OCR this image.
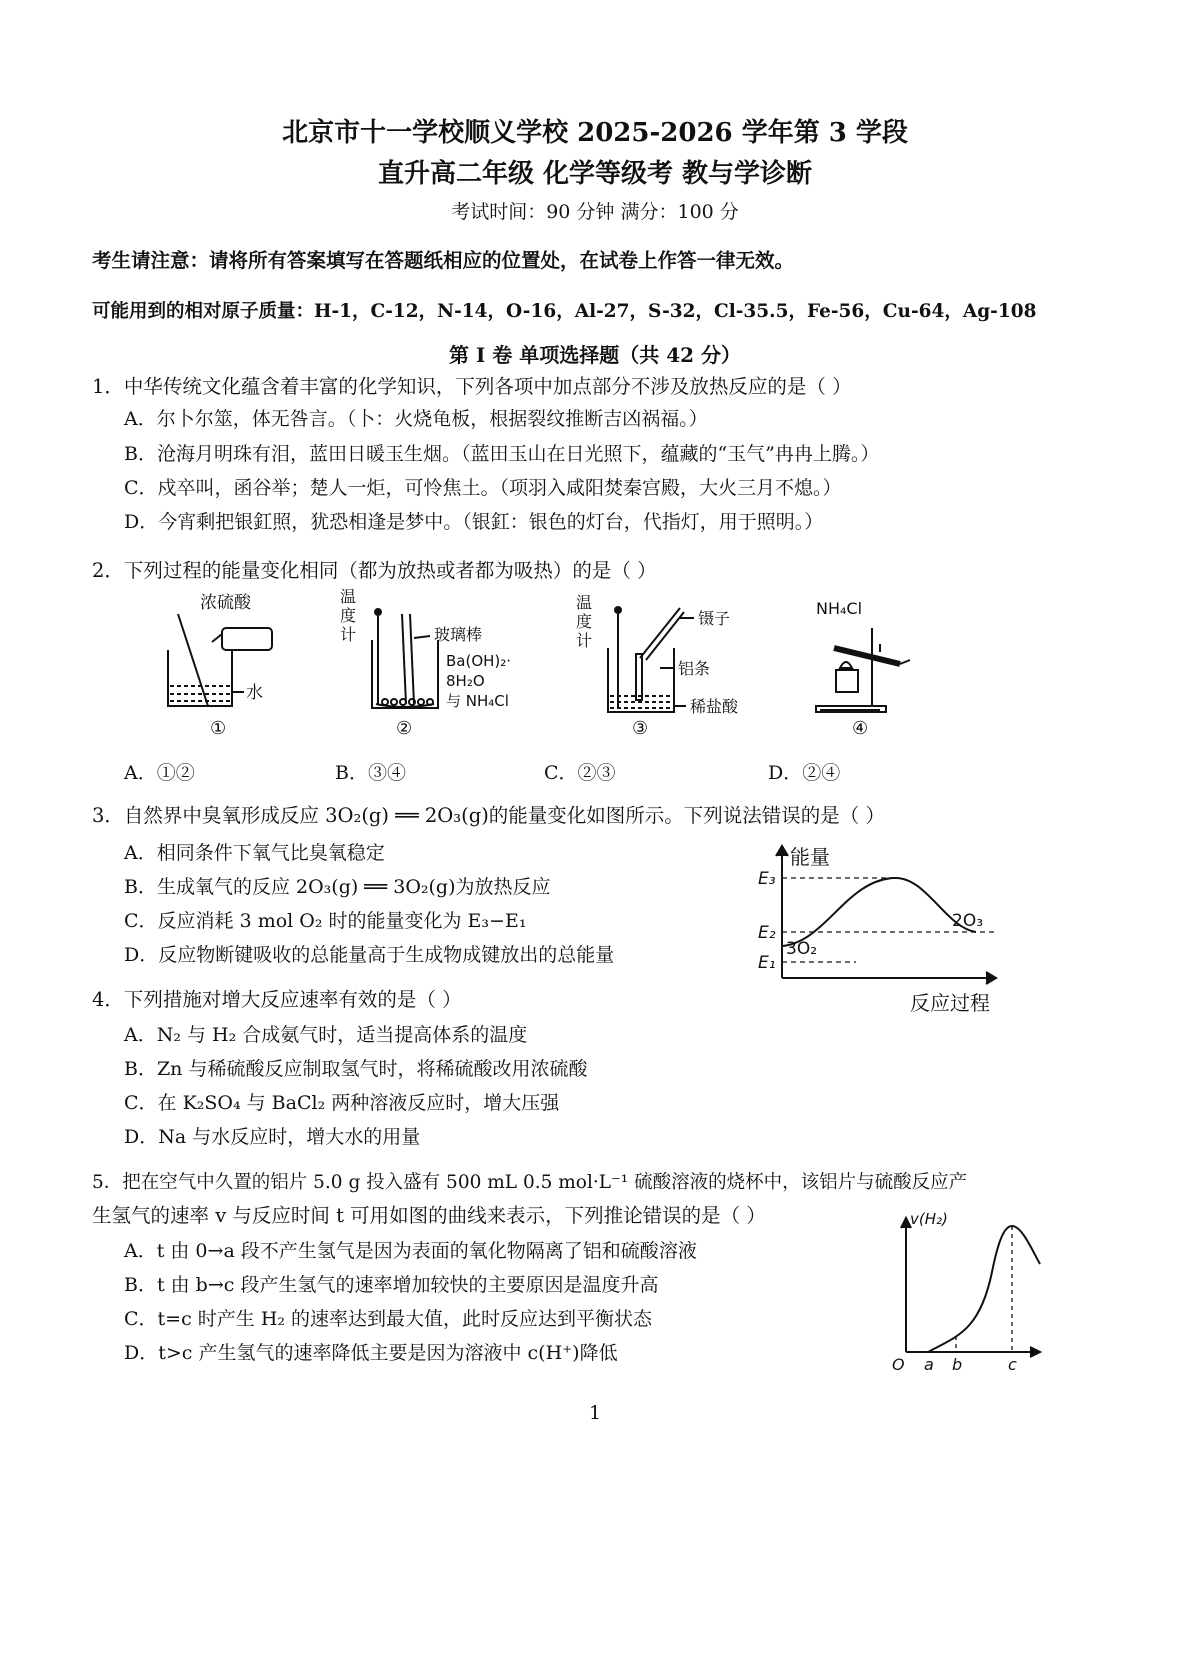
北京市十一学校顺义学校 2025-2026 学年第 3 学段
直升高二年级 化学等级考 教与学诊断
考试时间：90 分钟 满分：100 分
考生请注意：请将所有答案填写在答题纸相应的位置处，在试卷上作答一律无效。
可能用到的相对原子质量：H-1，C-12，N-14，O-16，Al-27，S-32，Cl-35.5，Fe-56，Cu-64，Ag-108
第 I 卷 单项选择题（共 42 分）
1．中华传统文化蕴含着丰富的化学知识，下列各项中加点部分不涉及放热反应的是（ ）
A．尔卜尔筮，体无咎言。（卜：火烧龟板，根据裂纹推断吉凶祸福。）
B．沧海月明珠有泪，蓝田日暖玉生烟。（蓝田玉山在日光照下，蕴藏的“玉气”冉冉上腾。）
C．戍卒叫，函谷举；楚人一炬，可怜焦土。（项羽入咸阳焚秦宫殿，大火三月不熄。）
D．今宵剩把银釭照，犹恐相逢是梦中。（银釭：银色的灯台，代指灯，用于照明。）
2．下列过程的能量变化相同（都为放热或者都为吸热）的是（ ）
浓硫酸
水
①
温
度
计	玻璃棒
Ba(OH)₂·
8H₂O
与 NH₄Cl
②
温
度
计
镊子
铝条
稀盐酸
③
NH₄Cl
④
A．①②	B．③④	C．②③	D．②④
3．自然界中臭氧形成反应 3O₂(g) ══ 2O₃(g)的能量变化如图所示。下列说法错误的是（ ）
A．相同条件下氧气比臭氧稳定
B．生成氧气的反应 2O₃(g) ══ 3O₂(g)为放热反应
C．反应消耗 3 mol O₂ 时的能量变化为 E₃−E₁
D．反应物断键吸收的总能量高于生成物成键放出的总能量
能量
E₃
E₂
E₁
3O₂
2O₃
反应过程
4．下列措施对增大反应速率有效的是（ ）
A．N₂ 与 H₂ 合成氨气时，适当提高体系的温度
B．Zn 与稀硫酸反应制取氢气时，将稀硫酸改用浓硫酸
C．在 K₂SO₄ 与 BaCl₂ 两种溶液反应时，增大压强
D．Na 与水反应时，增大水的用量
5．把在空气中久置的铝片 5.0 g 投入盛有 500 mL 0.5 mol·L⁻¹ 硫酸溶液的烧杯中，该铝片与硫酸反应产
生氢气的速率 v 与反应时间 t 可用如图的曲线来表示，下列推论错误的是（ ）
A．t 由 0→a 段不产生氢气是因为表面的氧化物隔离了铝和硫酸溶液
B．t 由 b→c 段产生氢气的速率增加较快的主要原因是温度升高
C．t=c 时产生 H₂ 的速率达到最大值，此时反应达到平衡状态
D．t>c 产生氢气的速率降低主要是因为溶液中 c(H⁺)降低
v(H₂)
O a b	c
1
